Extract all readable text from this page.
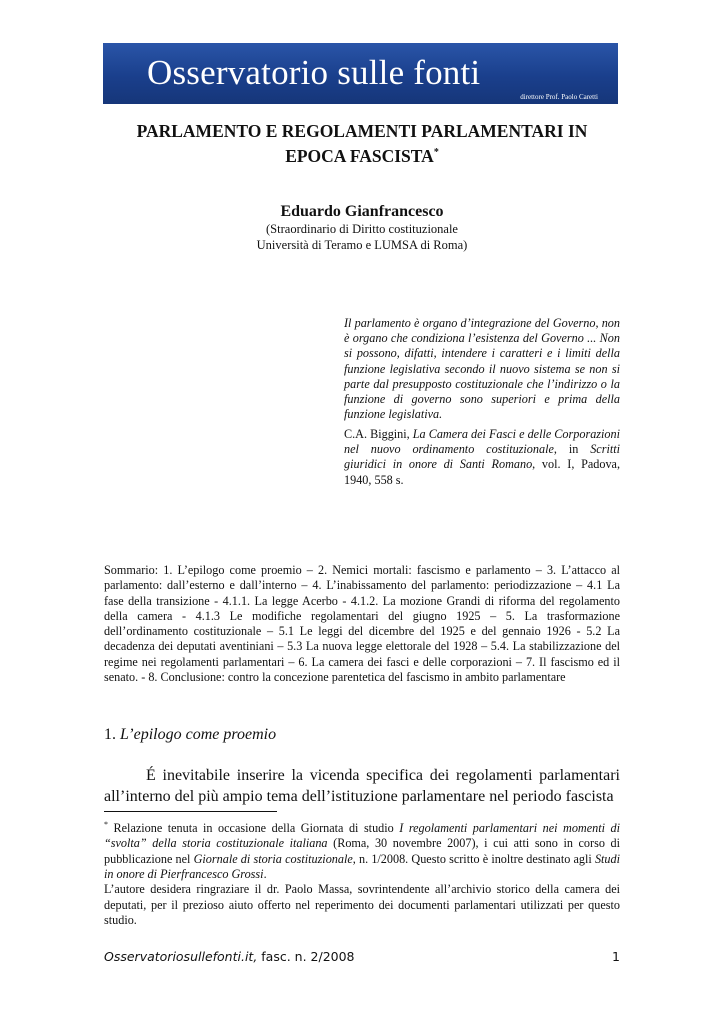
Osservatorio sulle fonti
direttore Prof. Paolo Caretti
PARLAMENTO E REGOLAMENTI PARLAMENTARI IN
EPOCA FASCISTA*
Eduardo Gianfrancesco
(Straordinario di Diritto costituzionale
Università di Teramo e LUMSA di Roma)
Il parlamento è organo d’integrazione del Governo, non è organo che condiziona l’esistenza del Governo ... Non si possono, difatti, intendere i caratteri e i limiti della funzione legislativa secondo il nuovo sistema se non si parte dal presupposto costituzionale che l’indirizzo o la funzione di governo sono superiori e prima della funzione legislativa.
C.A. Biggini, La Camera dei Fasci e delle Corporazioni nel nuovo ordinamento costituzionale, in Scritti giuridici in onore di Santi Romano, vol. I, Padova, 1940, 558 s.
Sommario: 1. L’epilogo come proemio – 2. Nemici mortali: fascismo e parlamento – 3. L’attacco al parlamento: dall’esterno e dall’interno – 4. L’inabissamento del parlamento: periodizzazione – 4.1 La fase della transizione - 4.1.1. La legge Acerbo - 4.1.2. La mozione Grandi di riforma del regolamento della camera - 4.1.3 Le modifiche regolamentari del giugno 1925 – 5. La trasformazione dell’ordinamento costituzionale – 5.1 Le leggi del dicembre del 1925 e del gennaio 1926 - 5.2 La decadenza dei deputati aventiniani – 5.3 La nuova legge elettorale del 1928 – 5.4. La stabilizzazione del regime nei regolamenti parlamentari – 6. La camera dei fasci e delle corporazioni – 7. Il fascismo ed il senato. - 8. Conclusione: contro la concezione parentetica del fascismo in ambito parlamentare
1. L’epilogo come proemio
É inevitabile inserire la vicenda specifica dei regolamenti parlamentari all’interno del più ampio tema dell’istituzione parlamentare nel periodo fascista

* Relazione tenuta in occasione della Giornata di studio I regolamenti parlamentari nei momenti di “svolta” della storia costituzionale italiana (Roma, 30 novembre 2007), i cui atti sono in corso di pubblicazione nel Giornale di storia costituzionale, n. 1/2008. Questo scritto è inoltre destinato agli Studi in onore di Pierfrancesco Grossi.

L’autore desidera ringraziare il dr. Paolo Massa, sovrintendente all’archivio storico della camera dei deputati, per il prezioso aiuto offerto nel reperimento dei documenti parlamentari utilizzati per questo studio.

Osservatoriosullefonti.it, fasc. n. 2/2008	1
